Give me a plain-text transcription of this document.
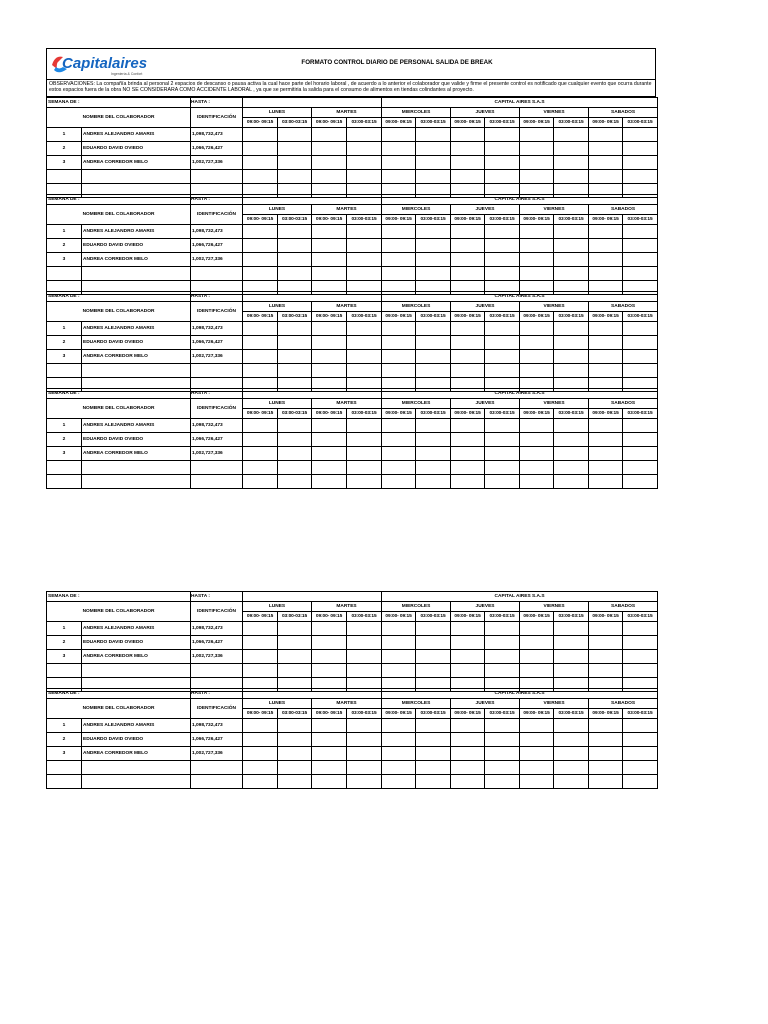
Capitalaires
Ingeniería & Confort
FORMATO CONTROL DIARIO DE PERSONAL SALIDA DE BREAK
OBSERVACIONES: La compañía brinda al personal 2 espacios de descanso o pausa activa la cual hace parte del horario laboral , de acuerdo a lo anterior el colaborador que valide y firme el presente control es notificado que cualquier evento que ocurra durante estos espacios fuera de la obra NO SE CONSIDERARA COMO ACCIDENTE LABORAL , ya que se permitiria la salida para el consumo de alimentos en tiendas colindantes al proyecto.
SEMANA DE :		HASTA :					CAPITAL AIRES S.A.S							
NOMBRE DEL COLABORADOR		IDENTIFICACIÓN	LUNES		MARTES		MIERCOLES		JUEVES		VIERNES		SABADOS	
			09:00- 09:15	03:00-03:15	09:00- 09:15	03:00-03:15	09:00- 09:15	03:00-03:15	09:00- 09:15	03:00-03:15	09:00- 09:15	03:00-03:15	09:00- 09:15	03:00-03:15
1	ANDRES ALEJANDRO AMARIS	1,098,732,473												
2	EDUARDO DAVID OVIEDO	1,066,726,427												
3	ANDREA CORREDOR MELO	1,002,727,336												

SEMANA DE :		HASTA :					CAPITAL AIRES S.A.S							
NOMBRE DEL COLABORADOR		IDENTIFICACIÓN	LUNES		MARTES		MIERCOLES		JUEVES		VIERNES		SABADOS	
			09:00- 09:15	03:00-03:15	09:00- 09:15	03:00-03:15	09:00- 09:15	03:00-03:15	09:00- 09:15	03:00-03:15	09:00- 09:15	03:00-03:15	09:00- 09:15	03:00-03:15
1	ANDRES ALEJANDRO AMARIS	1,098,732,473												
2	EDUARDO DAVID OVIEDO	1,066,726,427												
3	ANDREA CORREDOR MELO	1,002,727,336												

SEMANA DE :		HASTA :					CAPITAL AIRES S.A.S							
NOMBRE DEL COLABORADOR		IDENTIFICACIÓN	LUNES		MARTES		MIERCOLES		JUEVES		VIERNES		SABADOS	
			09:00- 09:15	03:00-03:15	09:00- 09:15	03:00-03:15	09:00- 09:15	03:00-03:15	09:00- 09:15	03:00-03:15	09:00- 09:15	03:00-03:15	09:00- 09:15	03:00-03:15
1	ANDRES ALEJANDRO AMARIS	1,098,732,473												
2	EDUARDO DAVID OVIEDO	1,066,726,427												
3	ANDREA CORREDOR MELO	1,002,727,336												

SEMANA DE :		HASTA :					CAPITAL AIRES S.A.S							
NOMBRE DEL COLABORADOR		IDENTIFICACIÓN	LUNES		MARTES		MIERCOLES		JUEVES		VIERNES		SABADOS	
			09:00- 09:15	03:00-03:15	09:00- 09:15	03:00-03:15	09:00- 09:15	03:00-03:15	09:00- 09:15	03:00-03:15	09:00- 09:15	03:00-03:15	09:00- 09:15	03:00-03:15
1	ANDRES ALEJANDRO AMARIS	1,098,732,473												
2	EDUARDO DAVID OVIEDO	1,066,726,427												
3	ANDREA CORREDOR MELO	1,002,727,336												

SEMANA DE :		HASTA :					CAPITAL AIRES S.A.S							
NOMBRE DEL COLABORADOR		IDENTIFICACIÓN	LUNES		MARTES		MIERCOLES		JUEVES		VIERNES		SABADOS	
			09:00- 09:15	03:00-03:15	09:00- 09:15	03:00-03:15	09:00- 09:15	03:00-03:15	09:00- 09:15	03:00-03:15	09:00- 09:15	03:00-03:15	09:00- 09:15	03:00-03:15
1	ANDRES ALEJANDRO AMARIS	1,098,732,473												
2	EDUARDO DAVID OVIEDO	1,066,726,427												
3	ANDREA CORREDOR MELO	1,002,727,336												

SEMANA DE :		HASTA :					CAPITAL AIRES S.A.S							
NOMBRE DEL COLABORADOR		IDENTIFICACIÓN	LUNES		MARTES		MIERCOLES		JUEVES		VIERNES		SABADOS	
			09:00- 09:15	03:00-03:15	09:00- 09:15	03:00-03:15	09:00- 09:15	03:00-03:15	09:00- 09:15	03:00-03:15	09:00- 09:15	03:00-03:15	09:00- 09:15	03:00-03:15
1	ANDRES ALEJANDRO AMARIS	1,098,732,473												
2	EDUARDO DAVID OVIEDO	1,066,726,427												
3	ANDREA CORREDOR MELO	1,002,727,336												
